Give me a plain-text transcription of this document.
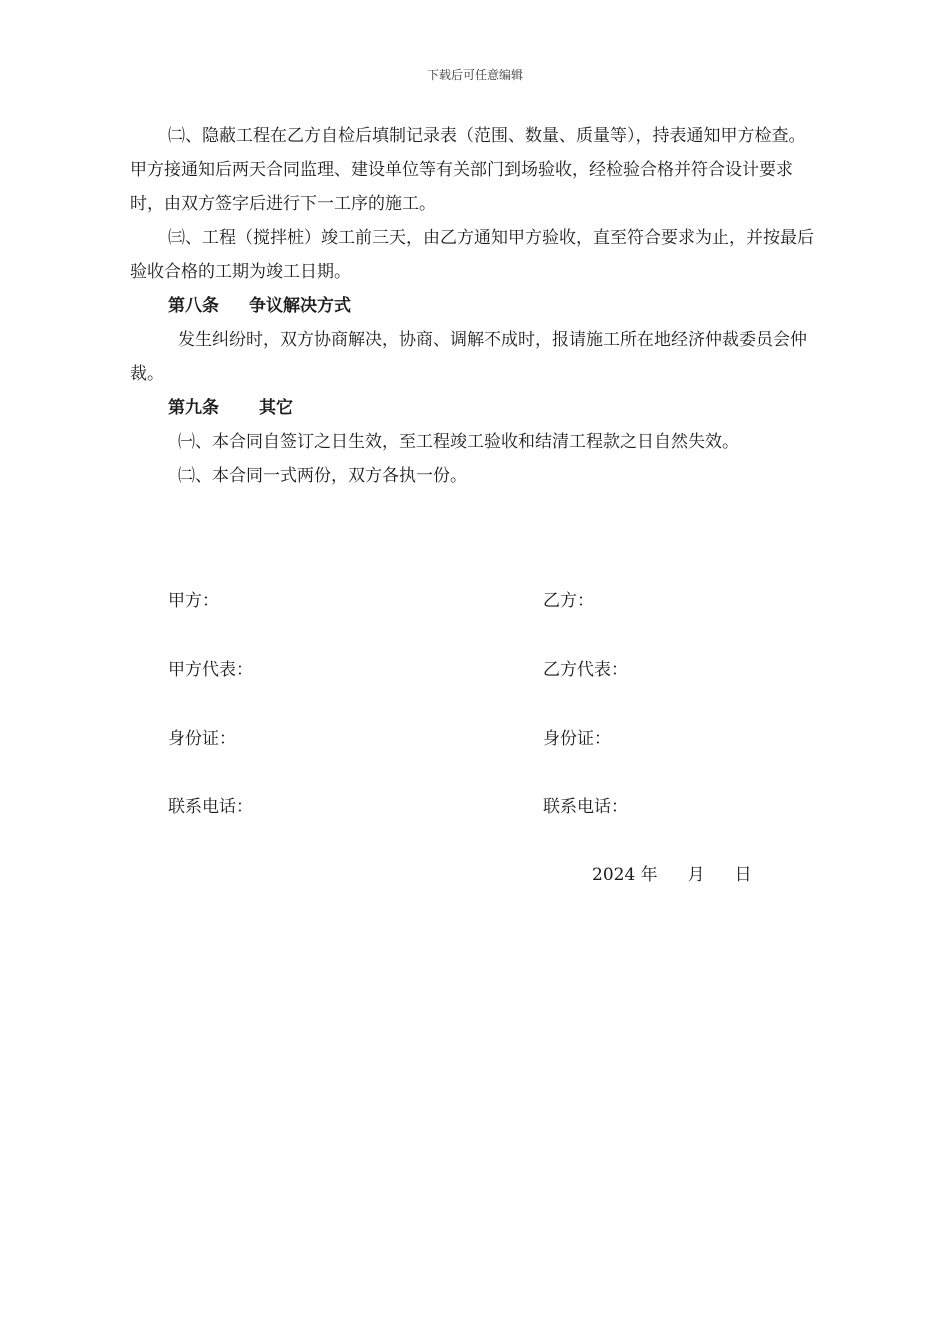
下载后可任意编辑

㈡、隐蔽工程在乙方自检后填制记录表（范围、数量、质量等），持表通知甲方检查。甲方接通知后两天合同监理、建设单位等有关部门到场验收，经检验合格并符合设计要求时，由双方签字后进行下一工序的施工。

㈢、工程（搅拌桩）竣工前三天，由乙方通知甲方验收，直至符合要求为止，并按最后验收合格的工期为竣工日期。

第八条 争议解决方式

发生纠纷时，双方协商解决，协商、调解不成时，报请施工所在地经济仲裁委员会仲裁。

第九条 其它

㈠、本合同自签订之日生效，至工程竣工验收和结清工程款之日自然失效。

㈡、本合同一式两份，双方各执一份。

甲方：	乙方：
甲方代表：	乙方代表：
身份证：	身份证：
联系电话：	联系电话：
2024 年 月 日
